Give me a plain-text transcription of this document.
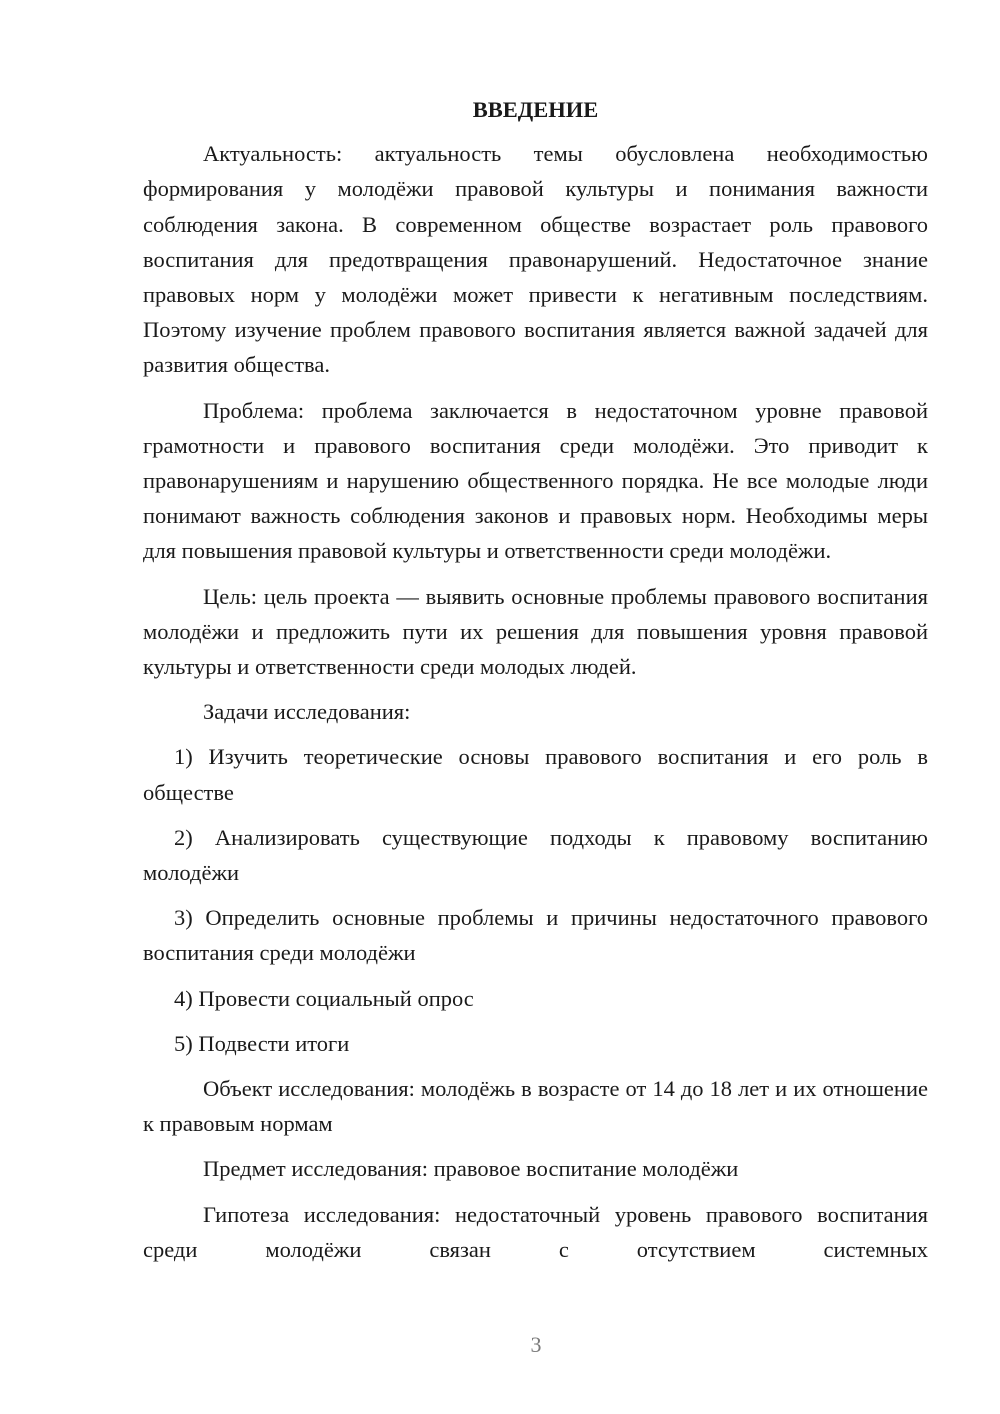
ВВЕДЕНИЕ

Актуальность: актуальность темы обусловлена необходимостью формирования у молодёжи правовой культуры и понимания важности соблюдения закона. В современном обществе возрастает роль правового воспитания для предотвращения правонарушений. Недостаточное знание правовых норм у молодёжи может привести к негативным последствиям. Поэтому изучение проблем правового воспитания является важной задачей для развития общества.

Проблема: проблема заключается в недостаточном уровне правовой грамотности и правового воспитания среди молодёжи. Это приводит к правонарушениям и нарушению общественного порядка. Не все молодые люди понимают важность соблюдения законов и правовых норм. Необходимы меры для повышения правовой культуры и ответственности среди молодёжи.

Цель: цель проекта — выявить основные проблемы правового воспитания молодёжи и предложить пути их решения для повышения уровня правовой культуры и ответственности среди молодых людей.

Задачи исследования:

1) Изучить теоретические основы правового воспитания и его роль в обществе

2) Анализировать существующие подходы к правовому воспитанию молодёжи

3) Определить основные проблемы и причины недостаточного правового воспитания среди молодёжи

4) Провести социальный опрос

5) Подвести итоги

Объект исследования: молодёжь в возрасте от 14 до 18 лет и их отношение к правовым нормам

Предмет исследования: правовое воспитание молодёжи

Гипотеза исследования: недостаточный уровень правового воспитания среди молодёжи связан с отсутствием системных

3
